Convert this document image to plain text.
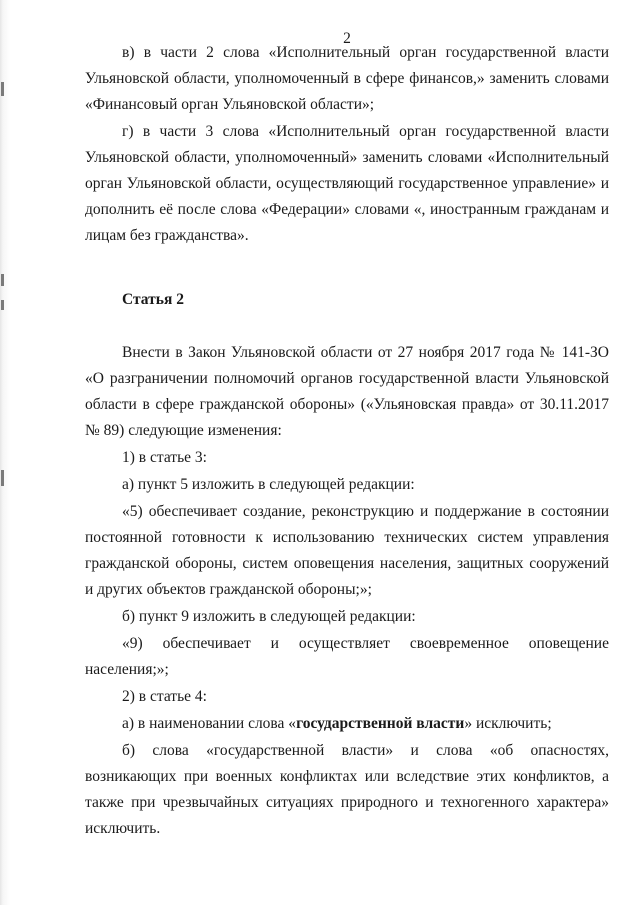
2

в) в части 2 слова «Исполнительный орган государственной власти Ульяновской области, уполномоченный в сфере финансов,» заменить словами «Финансовый орган Ульяновской области»;

г) в части 3 слова «Исполнительный орган государственной власти Ульяновской области, уполномоченный» заменить словами «Исполнительный орган Ульяновской области, осуществляющий государственное управление» и дополнить её после слова «Федерации» словами «, иностранным гражданам и лицам без гражданства».

Статья 2

Внести в Закон Ульяновской области от 27 ноября 2017 года № 141-ЗО «О разграничении полномочий органов государственной власти Ульяновской области в сфере гражданской обороны» («Ульяновская правда» от 30.11.2017 № 89) следующие изменения:

1) в статье 3:

а) пункт 5 изложить в следующей редакции:

«5) обеспечивает создание, реконструкцию и поддержание в состоянии постоянной готовности к использованию технических систем управления гражданской обороны, систем оповещения населения, защитных сооружений и других объектов гражданской обороны;»;

б) пункт 9 изложить в следующей редакции:

«9) обеспечивает и осуществляет своевременное оповещение населения;»;

2) в статье 4:

а) в наименовании слова «государственной власти» исключить;

б) слова «государственной власти» и слова «об опасностях, возникающих при военных конфликтах или вследствие этих конфликтов, а также при чрезвычайных ситуациях природного и техногенного характера» исключить.
